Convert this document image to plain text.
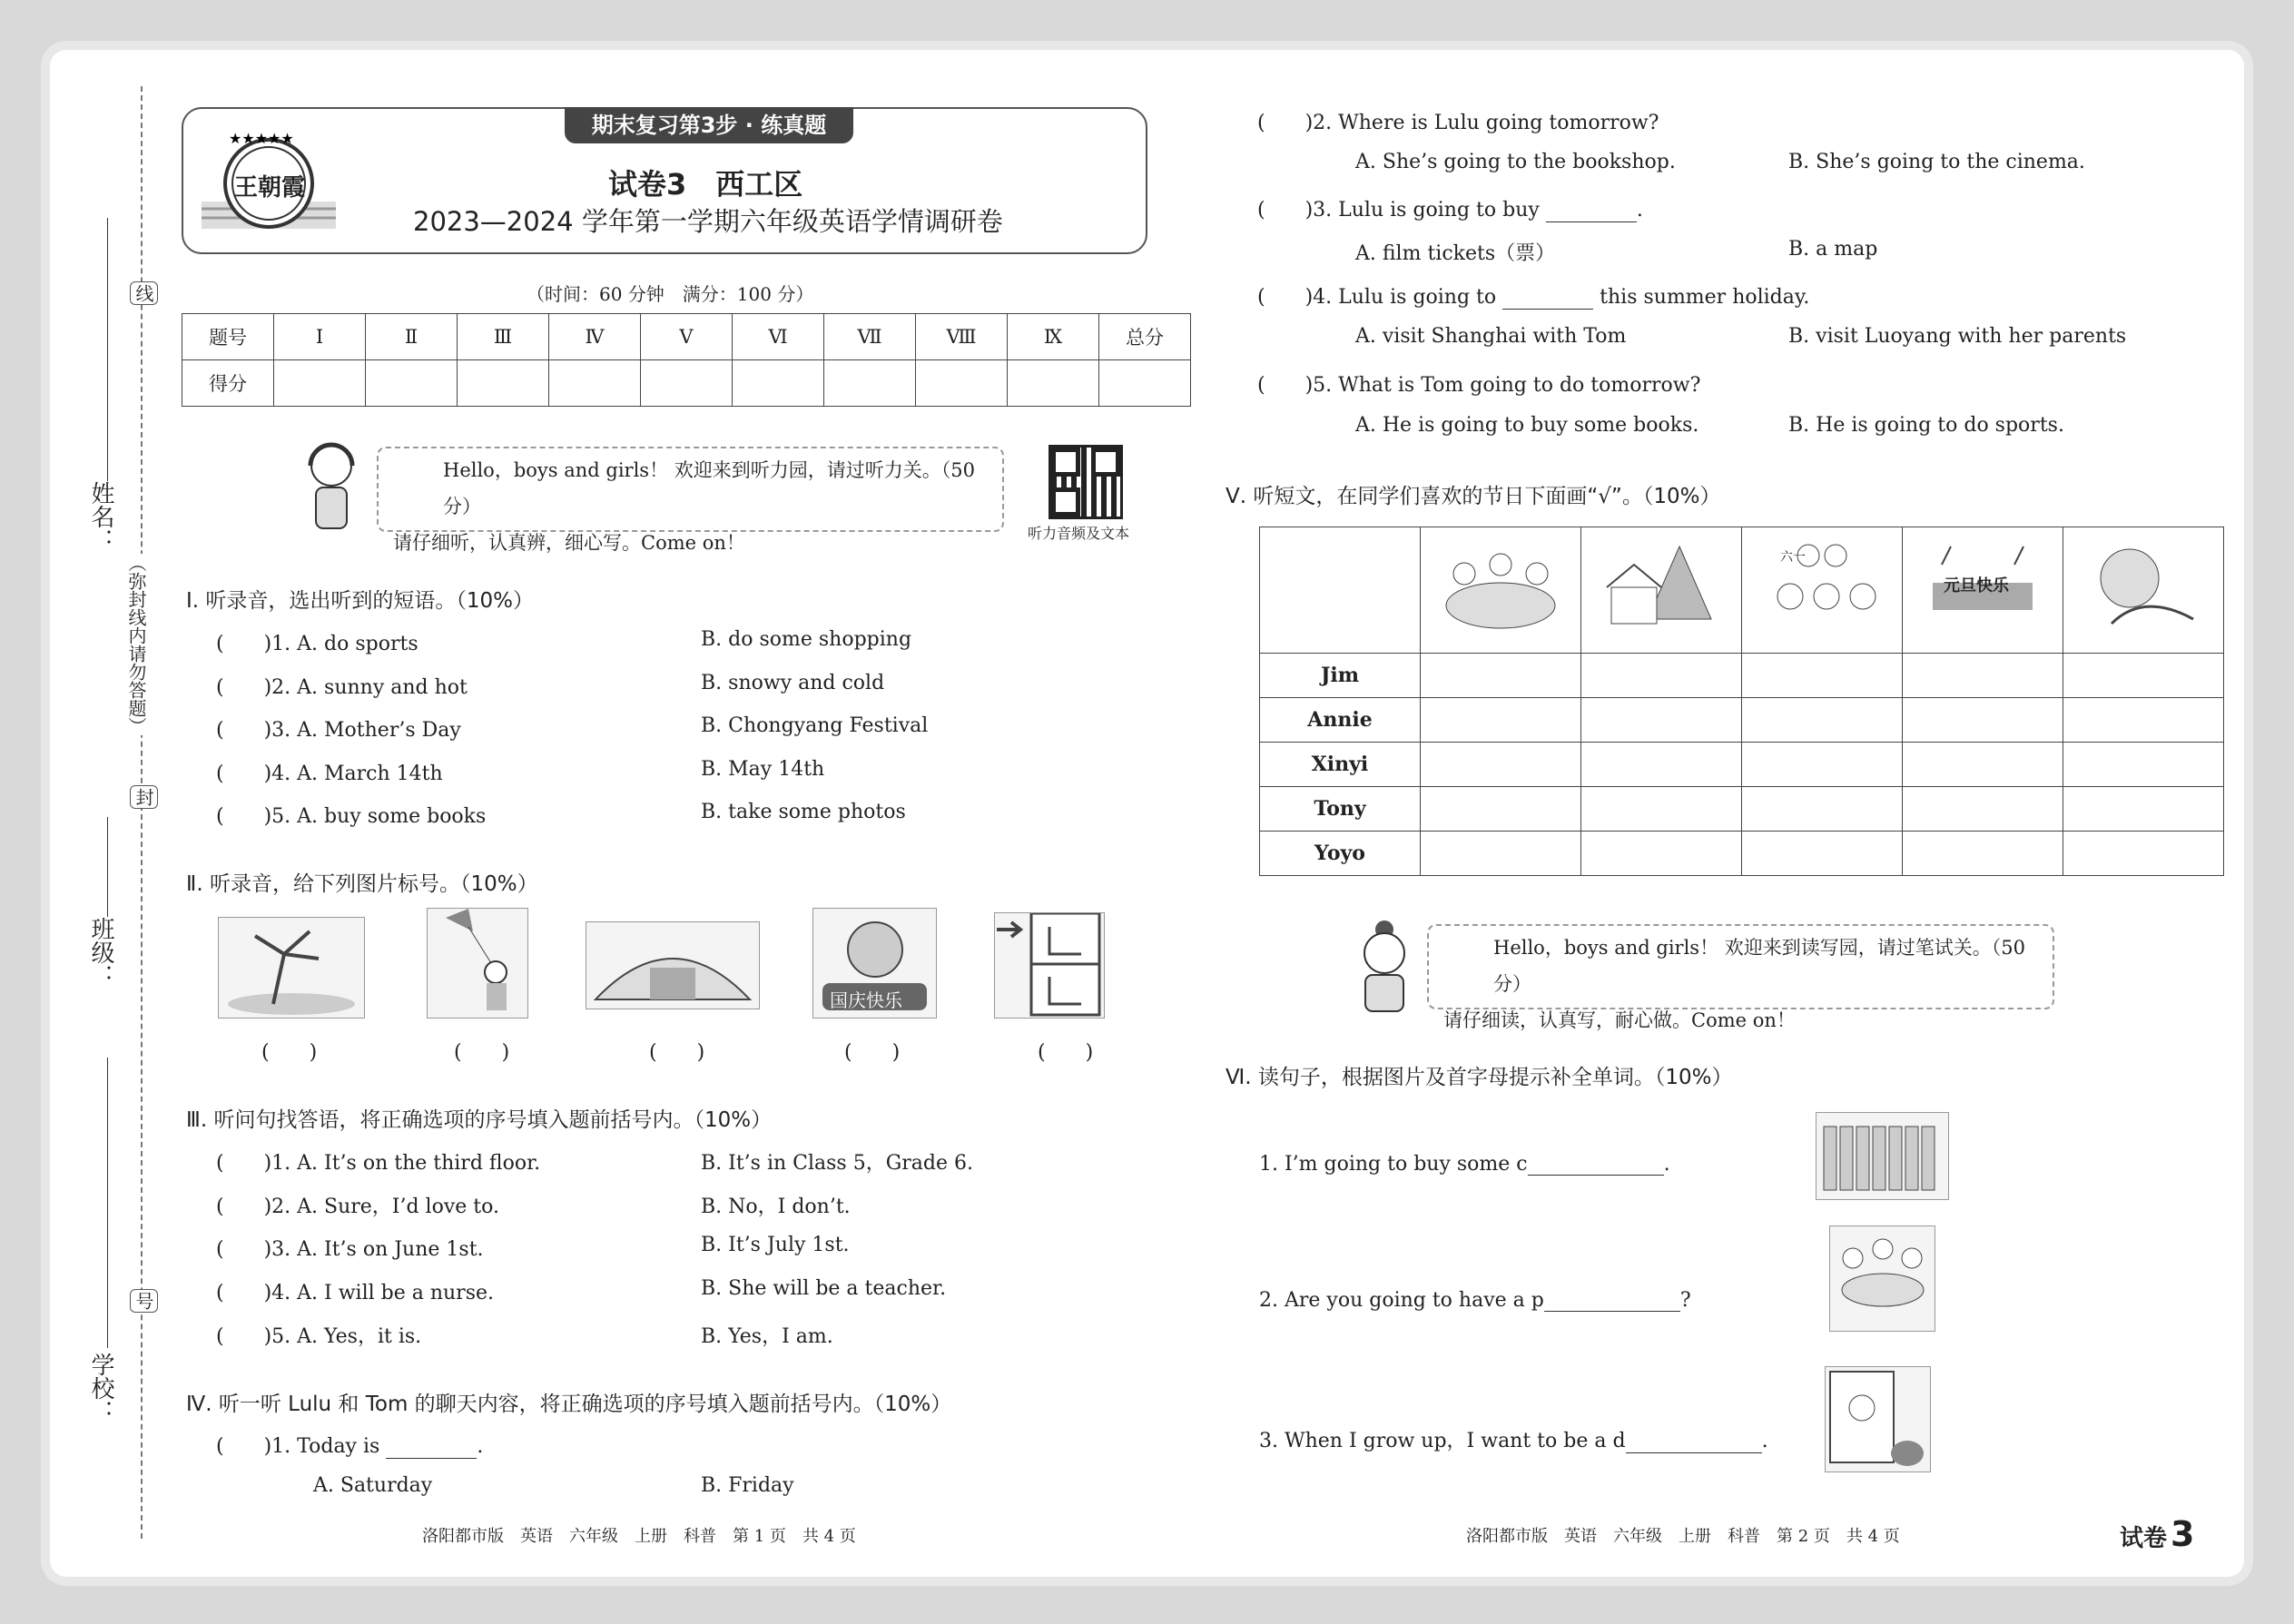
姓名：
班级：
学校：
线
封
号
（弥封线内请勿答题）
期末复习第3步 · 练真题
★★★★★
王朝霞	试卷3　西工区
2023—2024 学年第一学期六年级英语学情调研卷
（时间：60 分钟　满分：100 分）
题号	Ⅰ	Ⅱ	Ⅲ	Ⅳ	Ⅴ	Ⅵ	Ⅶ	Ⅷ	Ⅸ	总分
得分										
Hello，boys and girls！ 欢迎来到听力园，请过听力关。（50 分）
请仔细听，认真辨，细心写。Come on！	听力音频及文本
Ⅰ. 听录音，选出听到的短语。（10%）
(　　)1. A. do sports	B. do some shopping
(　　)2. A. sunny and hot	B. snowy and cold
(　　)3. A. Mother’s Day	B. Chongyang Festival
(　　)4. A. March 14th	B. May 14th
(　　)5. A. buy some books	B. take some photos
Ⅱ. 听录音，给下列图片标号。（10%）
国庆快乐
(　　)	(　　)	(　　)	(　　)	(　　)
Ⅲ. 听问句找答语，将正确选项的序号填入题前括号内。（10%）
(　　)1. A. It’s on the third floor.	B. It’s in Class 5，Grade 6.
(　　)2. A. Sure，I’d love to.	B. No，I don’t.
(　　)3. A. It’s on June 1st.	B. It’s July 1st.
(　　)4. A. I will be a nurse.	B. She will be a teacher.
(　　)5. A. Yes，it is.	B. Yes，I am.
Ⅳ. 听一听 Lulu 和 Tom 的聊天内容，将正确选项的序号填入题前括号内。（10%）
(　　)1. Today is	.
A. Saturday	B. Friday
洛阳都市版　英语　六年级　上册　科普　第 1 页　共 4 页
(　　)2. Where is Lulu going tomorrow?
A. She’s going to the bookshop.	B. She’s going to the cinema.
(　　)3. Lulu is going to buy	.
A. film tickets（票）	B. a map
(　　)4. Lulu is going to	this summer holiday.
A. visit Shanghai with Tom	B. visit Luoyang with her parents
(　　)5. What is Tom going to do tomorrow?
A. He is going to buy some books.	B. He is going to do sports.
Ⅴ. 听短文，在同学们喜欢的节日下面画“√”。（10%）

六一	元旦快乐

Jim					
Annie					
Xinyi					
Tony					
Yoyo					
Hello，boys and girls！ 欢迎来到读写园，请过笔试关。（50 分）
请仔细读，认真写，耐心做。Come on！
Ⅵ. 读句子，根据图片及首字母提示补全单词。（10%）
1. I’m going to buy some c	.
2. Are you going to have a p	?
3. When I grow up，I want to be a d	.
洛阳都市版　英语　六年级　上册　科普　第 2 页　共 4 页	试卷 3
